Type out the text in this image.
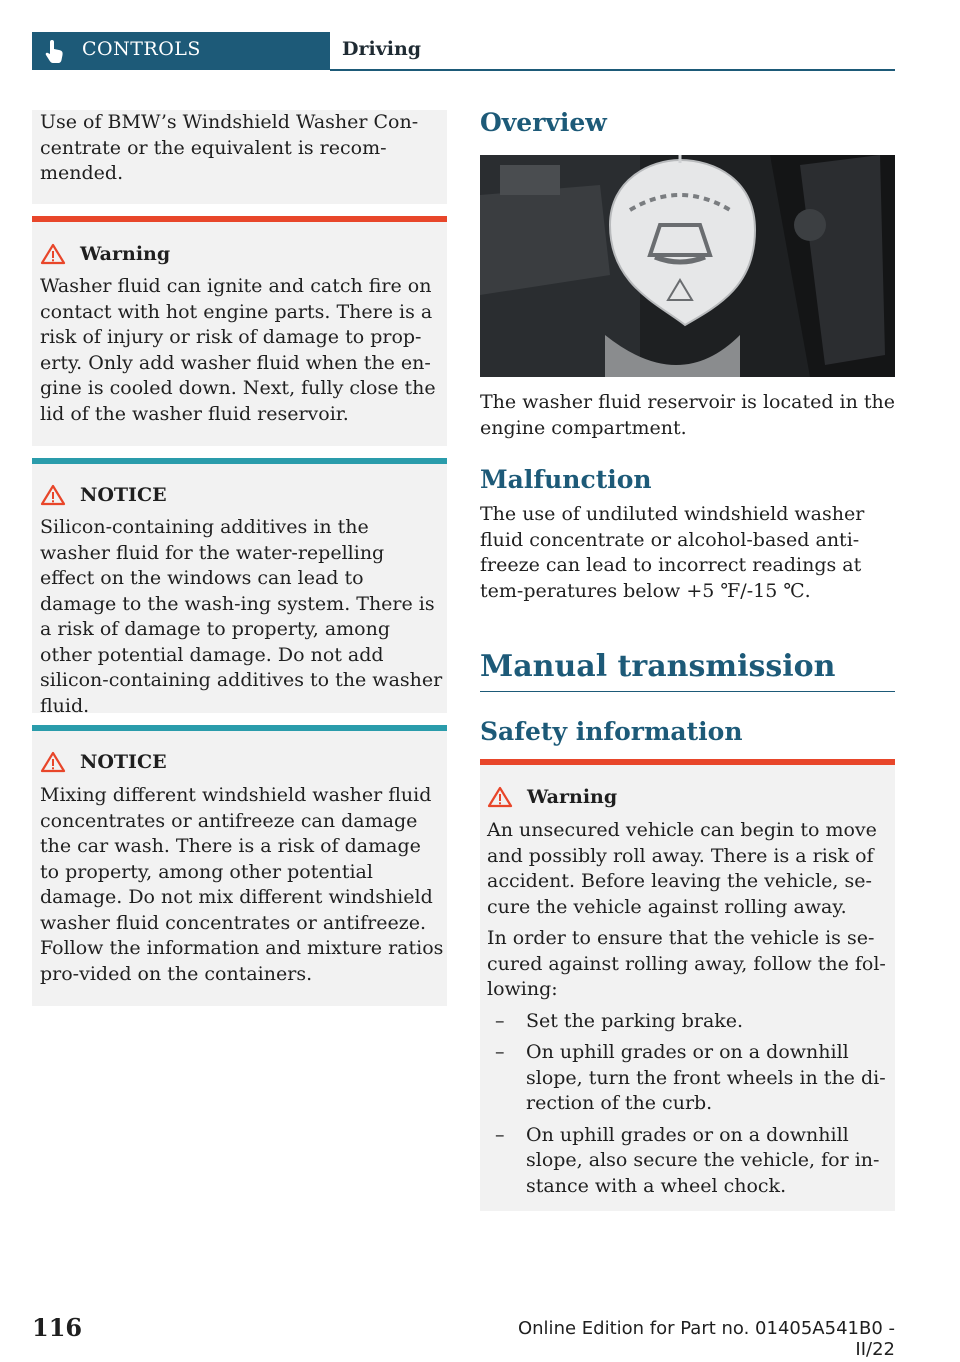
CONTROLS	Driving

Use of BMW’s Windshield Washer Con-centrate or the equivalent is recom-mended.

Warning

Washer fluid can ignite and catch fire on contact with hot engine parts. There is a risk of injury or risk of damage to prop-erty. Only add washer fluid when the en-gine is cooled down. Next, fully close the lid of the washer fluid reservoir.

NOTICE

Silicon-containing additives in the washer fluid for the water-repelling effect on the windows can lead to damage to the wash-ing system. There is a risk of damage to property, among other potential damage. Do not add silicon-containing additives to the washer fluid.

NOTICE

Mixing different windshield washer fluid concentrates or antifreeze can damage the car wash. There is a risk of damage to property, among other potential damage. Do not mix different windshield washer fluid concentrates or antifreeze. Follow the information and mixture ratios pro-vided on the containers.

Overview

The washer fluid reservoir is located in the engine compartment.

Malfunction

The use of undiluted windshield washer fluid concentrate or alcohol-based anti-freeze can lead to incorrect readings at tem-peratures below +5 ℉/-15 ℃.

Manual transmission
Safety information
Warning

An unsecured vehicle can begin to move and possibly roll away. There is a risk of accident. Before leaving the vehicle, se-cure the vehicle against rolling away.

In order to ensure that the vehicle is se-cured against rolling away, follow the fol-lowing:

– Set the parking brake.
– On uphill grades or on a downhill slope, turn the front wheels in the di-rection of the curb.
– On uphill grades or on a downhill slope, also secure the vehicle, for in-stance with a wheel chock.
116	Online Edition for Part no. 01405A541B0 - II/22
